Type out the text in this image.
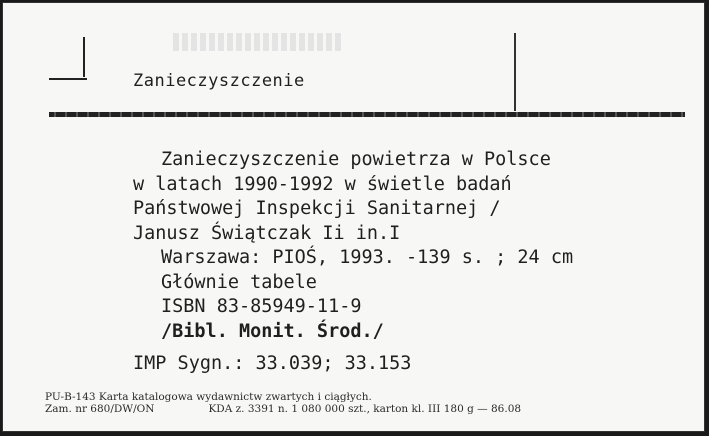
Zanieczyszczenie
Zanieczyszczenie powietrza w Polsce
w latach 1990-1992 w świetle badań
Państwowej Inspekcji Sanitarnej /
Janusz Świątczak Ii in.I
Warszawa: PIOŚ, 1993. -139 s. ; 24 cm
Głównie tabele
ISBN 83-85949-11-9
/Bibl. Monit. Środ./
IMP Sygn.: 33.039; 33.153
PU-B-143 Karta katalogowa wydawnictw zwartych i ciągłych.
Zam. nr 680/DW/ON	KDA z. 3391 n. 1 080 000 szt., karton kl. III 180 g — 86.08
